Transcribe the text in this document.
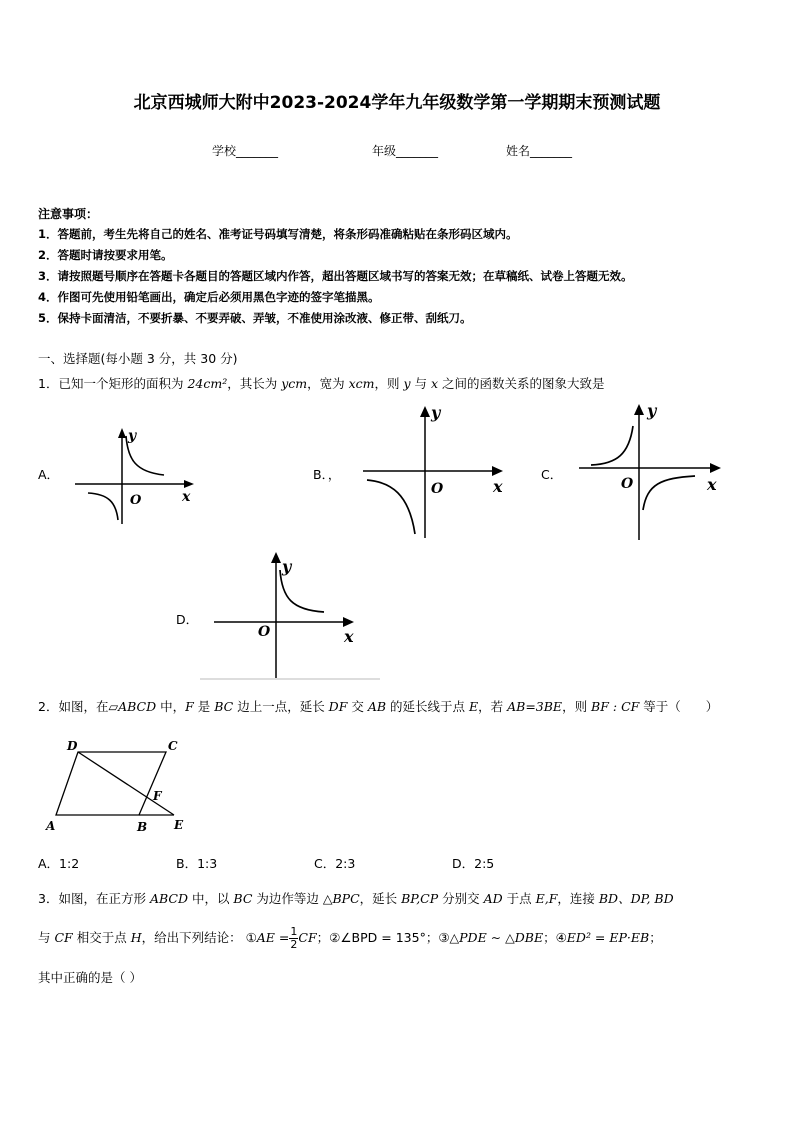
北京西城师大附中2023-2024学年九年级数学第一学期期末预测试题
学校_______	年级_______	姓名_______
注意事项：
1．答题前，考生先将自己的姓名、准考证号码填写清楚，将条形码准确粘贴在条形码区域内。
2．答题时请按要求用笔。
3．请按照题号顺序在答题卡各题目的答题区域内作答，超出答题区域书写的答案无效；在草稿纸、试卷上答题无效。
4．作图可先使用铅笔画出，确定后必须用黑色字迹的签字笔描黑。
5．保持卡面清洁，不要折暴、不要弄破、弄皱，不准使用涂改液、修正带、刮纸刀。
一、选择题(每小题 3 分，共 30 分)
1．已知一个矩形的面积为 24cm²，其长为 ycm，宽为 xcm，则 y 与 x 之间的函数关系的图象大致是
A．
y
O	x
B．，
y
O	x
C．
y
O	x
D．
y
O	x
2．如图，在▱ABCD 中，F 是 BC 边上一点，延长 DF 交 AB 的延长线于点 E，若 AB=3BE，则 BF : CF 等于（　　）
D	C
F
A	B E
A．1:2	B．1:3	C．2:3	D．2:5
3．如图，在正方形 ABCD 中，以 BC 为边作等边 △BPC，延长 BP,CP 分别交 AD 于点 E,F，连接 BD、DP, BD
与 CF 相交于点 H，给出下列结论： ①AE = $\frac{1}{2}$ CF；②∠BPD = 135°；③△PDE ∼ △DBE；④ED² = EP·EB；
其中正确的是（ ）
